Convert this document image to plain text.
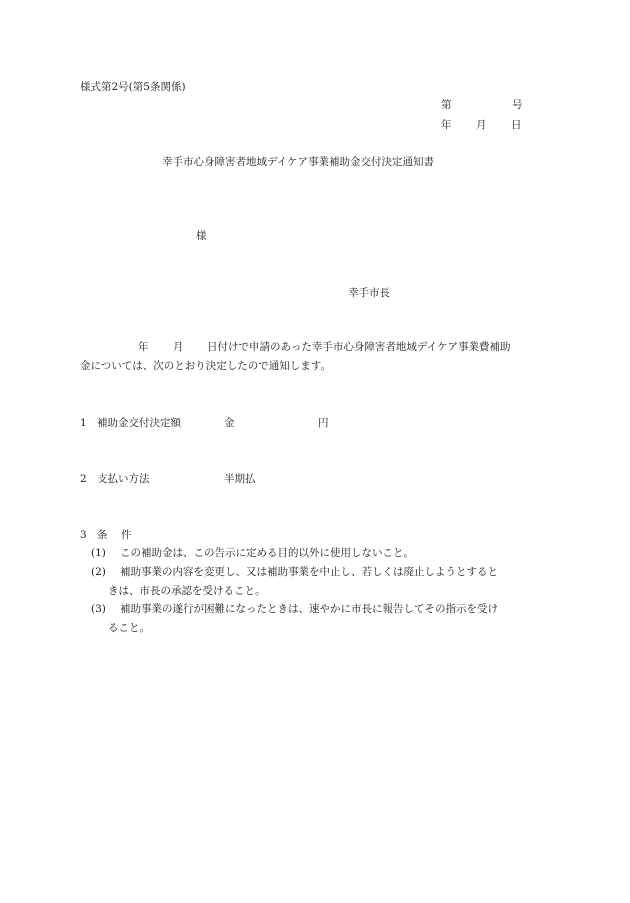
様式第2号(第5条関係)
第	号
年 月 日
幸手市心身障害者地域デイケア事業補助金交付決定通知書
様
幸手市長
年 月 日付けで申請のあった幸手市心身障害者地域デイケア事業費補助
金については、次のとおり決定したので通知します。
1 補助金交付決定額	金	円
2 支払い方法	半期払
3 条 件
(1) この補助金は、この告示に定める目的以外に使用しないこと。
(2) 補助事業の内容を変更し、又は補助事業を中止し、若しくは廃止しようとすると
きは、市長の承認を受けること。
(3) 補助事業の遂行が困難になったときは、速やかに市長に報告してその指示を受け
ること。
